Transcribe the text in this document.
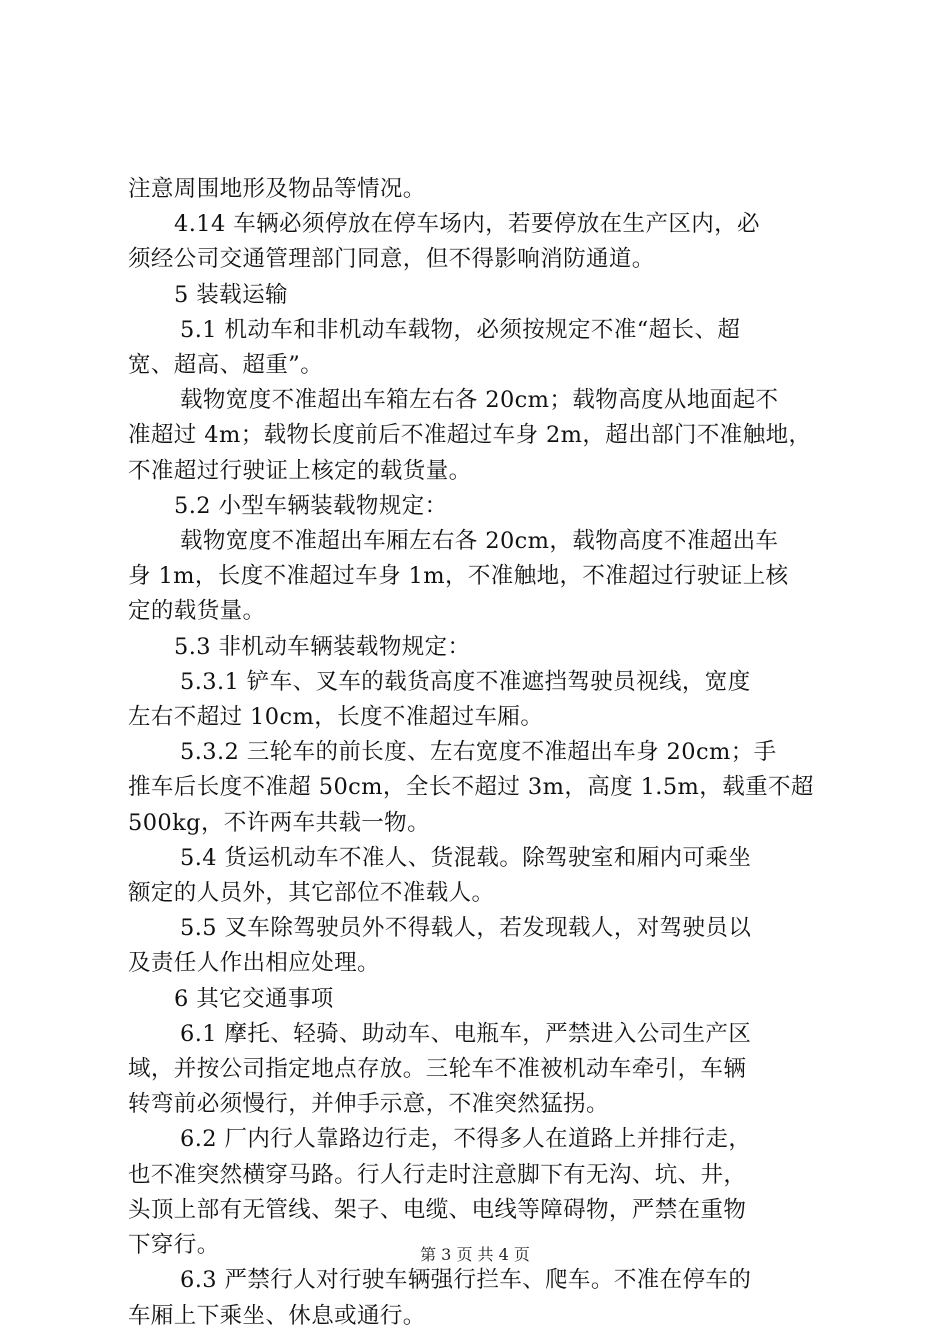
注意周围地形及物品等情况。
4.14 车辆必须停放在停车场内，若要停放在生产区内，必
须经公司交通管理部门同意，但不得影响消防通道。
5 装载运输
5.1 机动车和非机动车载物，必须按规定不准“超长、超
宽、超高、超重”。
载物宽度不准超出车箱左右各 20cm；载物高度从地面起不
准超过 4m；载物长度前后不准超过车身 2m，超出部门不准触地，
不准超过行驶证上核定的载货量。
5.2 小型车辆装载物规定：
载物宽度不准超出车厢左右各 20cm，载物高度不准超出车
身 1m，长度不准超过车身 1m，不准触地，不准超过行驶证上核
定的载货量。
5.3 非机动车辆装载物规定：
5.3.1 铲车、叉车的载货高度不准遮挡驾驶员视线，宽度
左右不超过 10cm，长度不准超过车厢。
5.3.2 三轮车的前长度、左右宽度不准超出车身 20cm；手
推车后长度不准超 50cm，全长不超过 3m，高度 1.5m，载重不超
500kg，不许两车共载一物。
5.4 货运机动车不准人、货混载。除驾驶室和厢内可乘坐
额定的人员外，其它部位不准载人。
5.5 叉车除驾驶员外不得载人，若发现载人，对驾驶员以
及责任人作出相应处理。
6 其它交通事项
6.1 摩托、轻骑、助动车、电瓶车，严禁进入公司生产区
域，并按公司指定地点存放。三轮车不准被机动车牵引，车辆
转弯前必须慢行，并伸手示意，不准突然猛拐。
6.2 厂内行人靠路边行走，不得多人在道路上并排行走，
也不准突然横穿马路。行人行走时注意脚下有无沟、坑、井，
头顶上部有无管线、架子、电缆、电线等障碍物，严禁在重物
下穿行。
6.3 严禁行人对行驶车辆强行拦车、爬车。不准在停车的
车厢上下乘坐、休息或通行。
第 3 页 共 4 页
